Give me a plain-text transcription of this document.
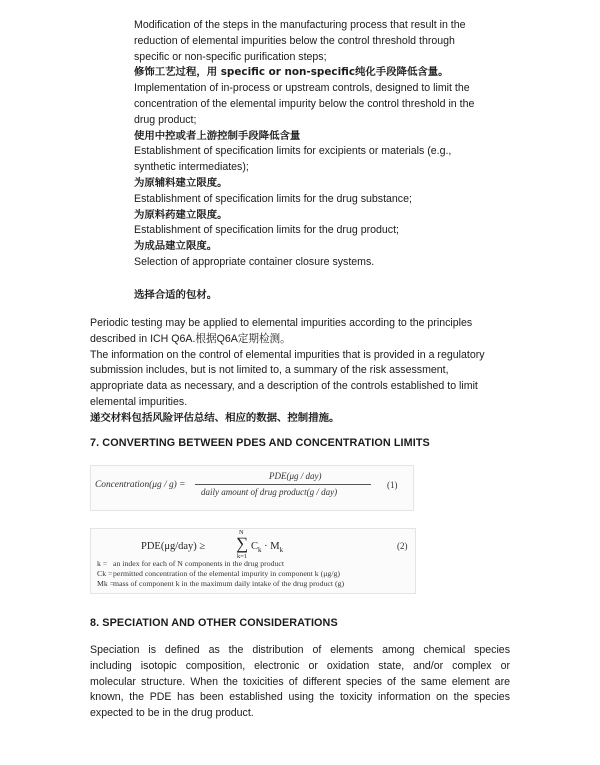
Modification of the steps in the manufacturing process that result in the
reduction of elemental impurities below the control threshold through
specific or non-specific purification steps;
修饰工艺过程，用 specific or non-specific纯化手段降低含量。
Implementation of in-process or upstream controls, designed to limit the
concentration of the elemental impurity below the control threshold in the
drug product;
使用中控或者上游控制手段降低含量
Establishment of specification limits for excipients or materials (e.g.,
synthetic intermediates);
为原辅料建立限度。
Establishment of specification limits for the drug substance;
为原料药建立限度。
Establishment of specification limits for the drug product;
为成品建立限度。
Selection of appropriate container closure systems.
选择合适的包材。
Periodic testing may be applied to elemental impurities according to the principles
described in ICH Q6A.根据Q6A定期检测。
The information on the control of elemental impurities that is provided in a regulatory
submission includes, but is not limited to, a summary of the risk assessment,
appropriate data as necessary, and a description of the controls established to limit
elemental impurities.
递交材料包括风险评估总结、相应的数据、控制措施。
7. CONVERTING BETWEEN PDES AND CONCENTRATION LIMITS
Concentration(μg / g) =
PDE(μg / day)
daily amount of drug product(g / day)
(1)
PDE(μg/day) ≥
N
∑
k=1
$C_k \cdot M_k$	(2)
k = an index for each of N components in the drug product
Ck =permitted concentration of the elemental impurity in component k (μg/g)
Mk =mass of component k in the maximum daily intake of the drug product (g)
8. SPECIATION AND OTHER CONSIDERATIONS
Speciation is defined as the distribution of elements among chemical species
including isotopic composition, electronic or oxidation state, and/or complex or
molecular structure. When the toxicities of different species of the same element are
known, the PDE has been established using the toxicity information on the species
expected to be in the drug product.
